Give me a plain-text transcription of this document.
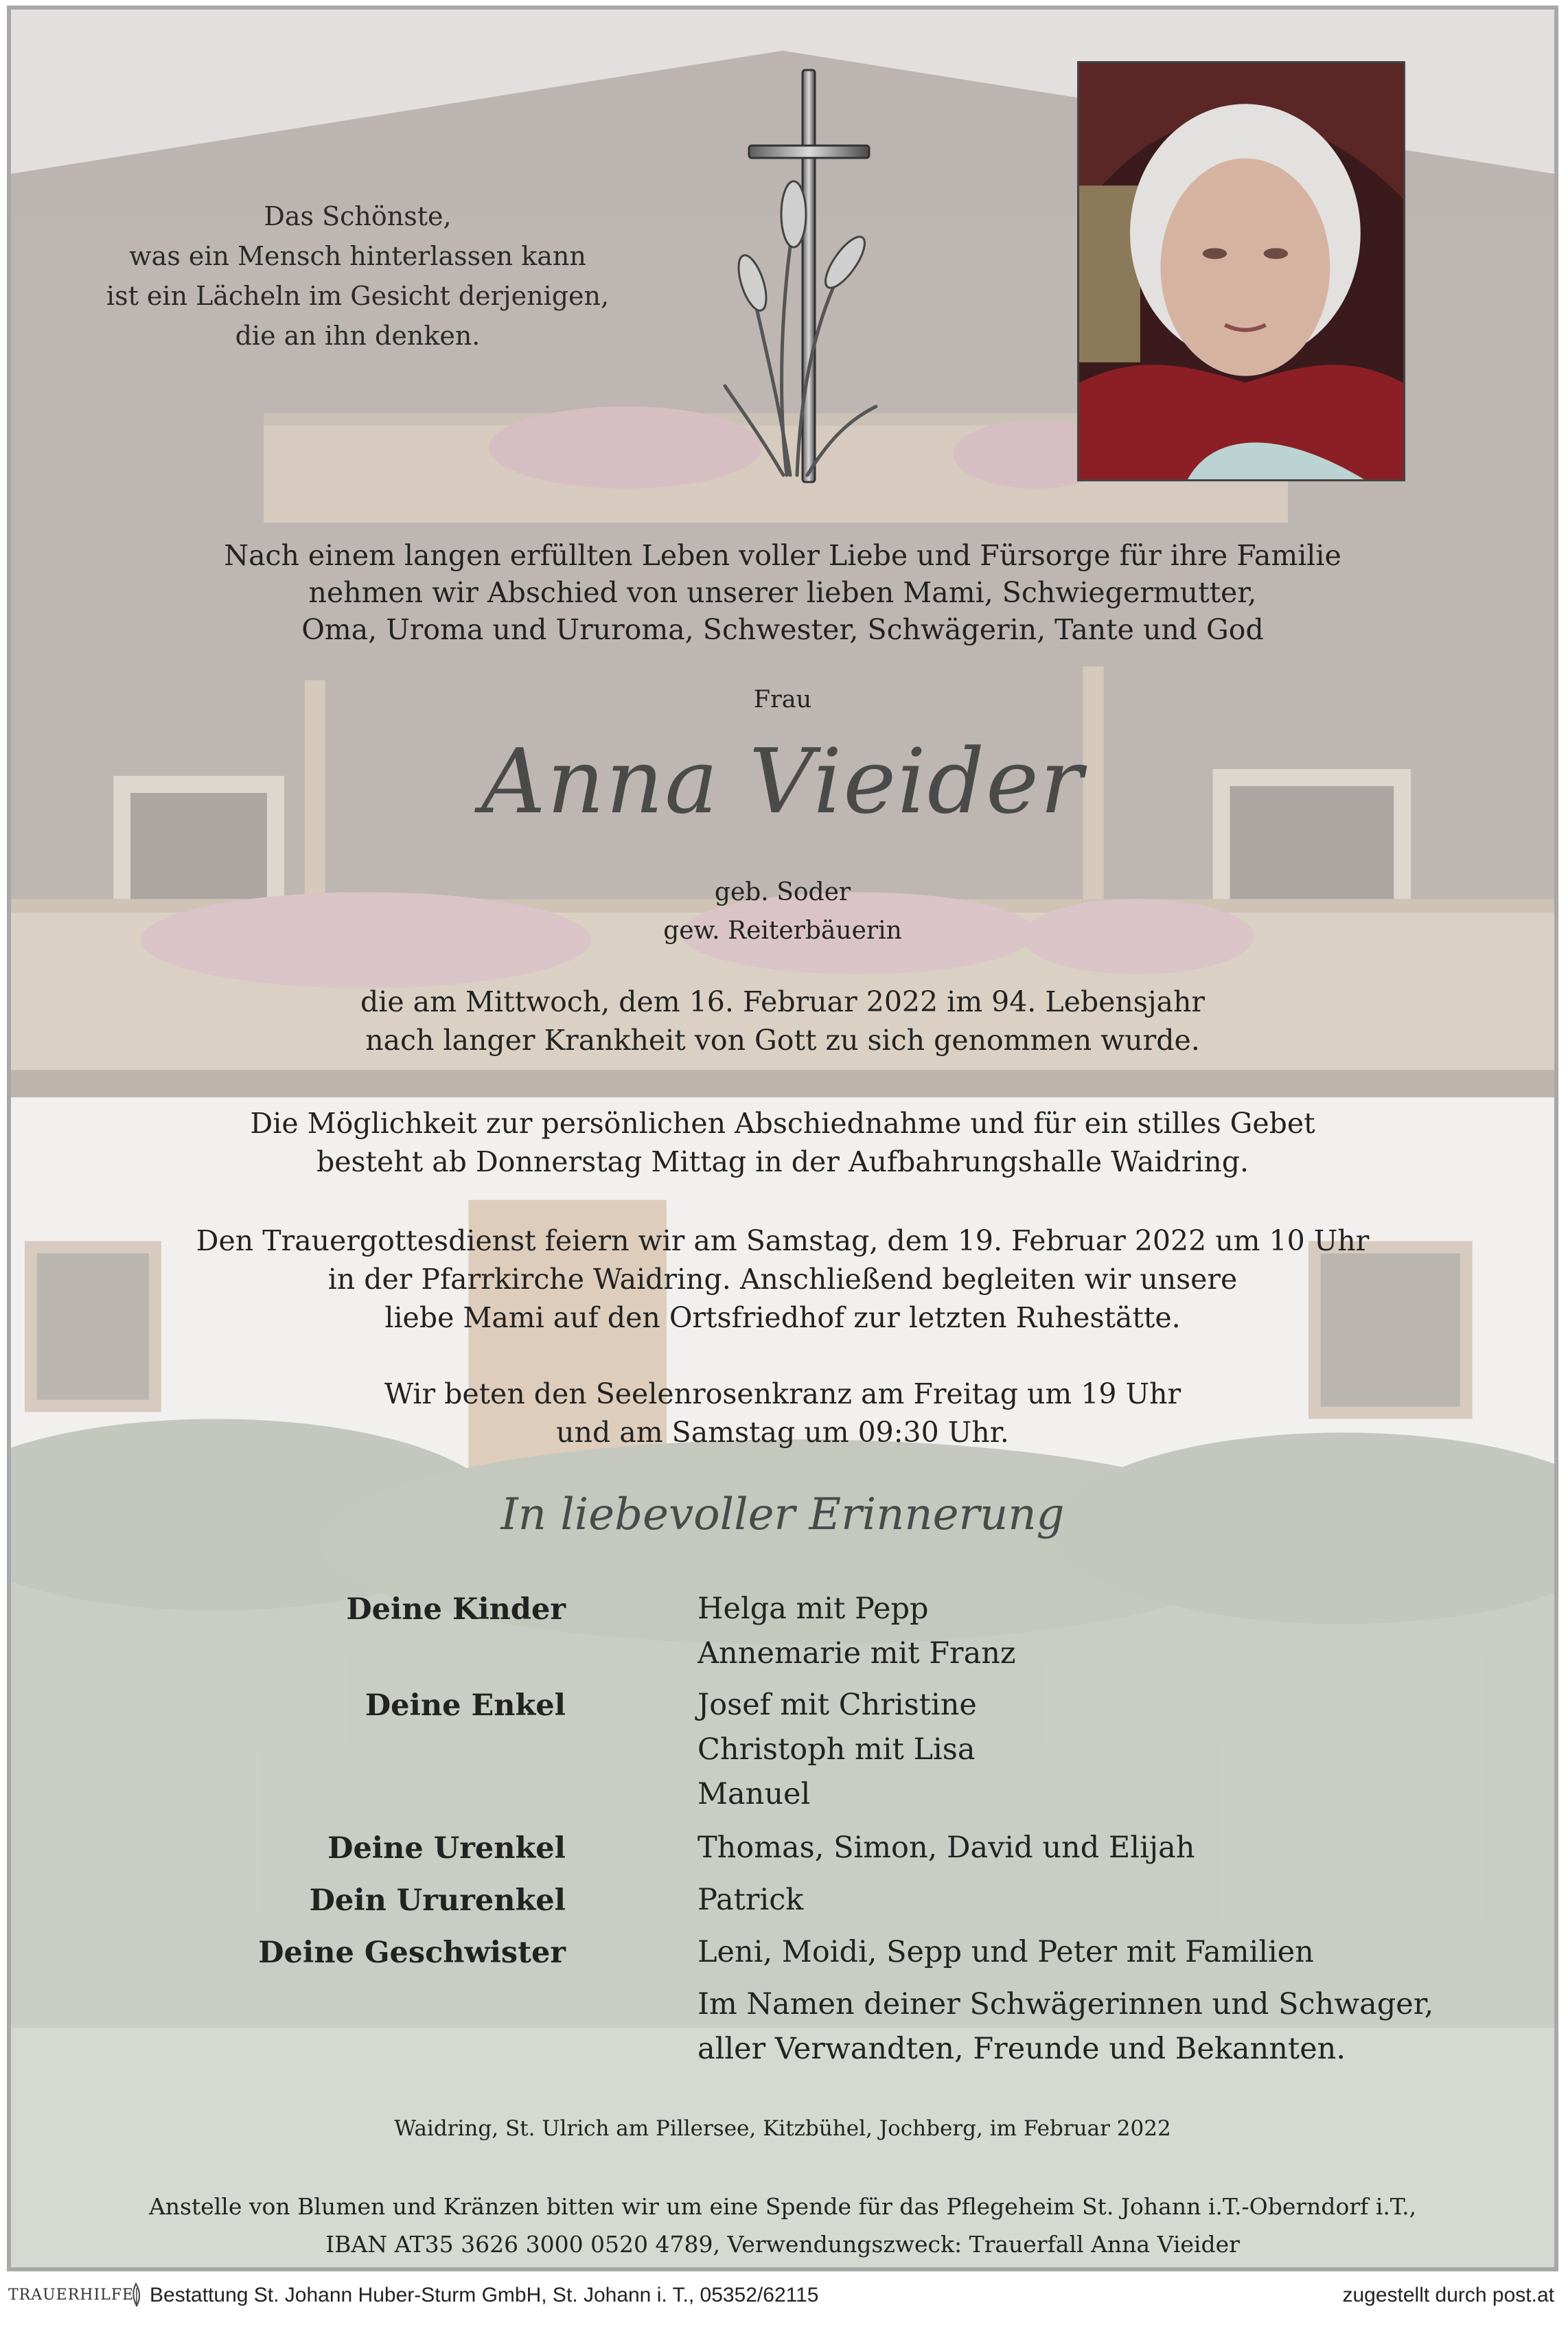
Das Schönste,
was ein Mensch hinterlassen kann
ist ein Lächeln im Gesicht derjenigen,
die an ihn denken.
Nach einem langen erfüllten Leben voller Liebe und Fürsorge für ihre Familie
nehmen wir Abschied von unserer lieben Mami, Schwiegermutter,
Oma, Uroma und Ururoma, Schwester, Schwägerin, Tante und God
Frau
Anna Vieider
geb. Soder
gew. Reiterbäuerin
die am Mittwoch, dem 16. Februar 2022 im 94. Lebensjahr
nach langer Krankheit von Gott zu sich genommen wurde.
Die Möglichkeit zur persönlichen Abschiednahme und für ein stilles Gebet
besteht ab Donnerstag Mittag in der Aufbahrungshalle Waidring.
Den Trauergottesdienst feiern wir am Samstag, dem 19. Februar 2022 um 10 Uhr
in der Pfarrkirche Waidring. Anschließend begleiten wir unsere
liebe Mami auf den Ortsfriedhof zur letzten Ruhestätte.
Wir beten den Seelenrosenkranz am Freitag um 19 Uhr
und am Samstag um 09:30 Uhr.
In liebevoller Erinnerung
Deine Kinder	Helga mit Pepp
Annemarie mit Franz
Deine Enkel	Josef mit Christine
Christoph mit Lisa
Manuel
Deine Urenkel	Thomas, Simon, David und Elijah
Dein Ururenkel	Patrick
Deine Geschwister	Leni, Moidi, Sepp und Peter mit Familien
Im Namen deiner Schwägerinnen und Schwager,
aller Verwandten, Freunde und Bekannten.
Waidring, St. Ulrich am Pillersee, Kitzbühel, Jochberg, im Februar 2022
Anstelle von Blumen und Kränzen bitten wir um eine Spende für das Pflegeheim St. Johann i.T.-Oberndorf i.T.,
IBAN AT35 3626 3000 0520 4789, Verwendungszweck: Trauerfall Anna Vieider
TRAUERHILFE Bestattung St. Johann Huber-Sturm GmbH, St. Johann i. T., 05352/62115	zugestellt durch post.at
